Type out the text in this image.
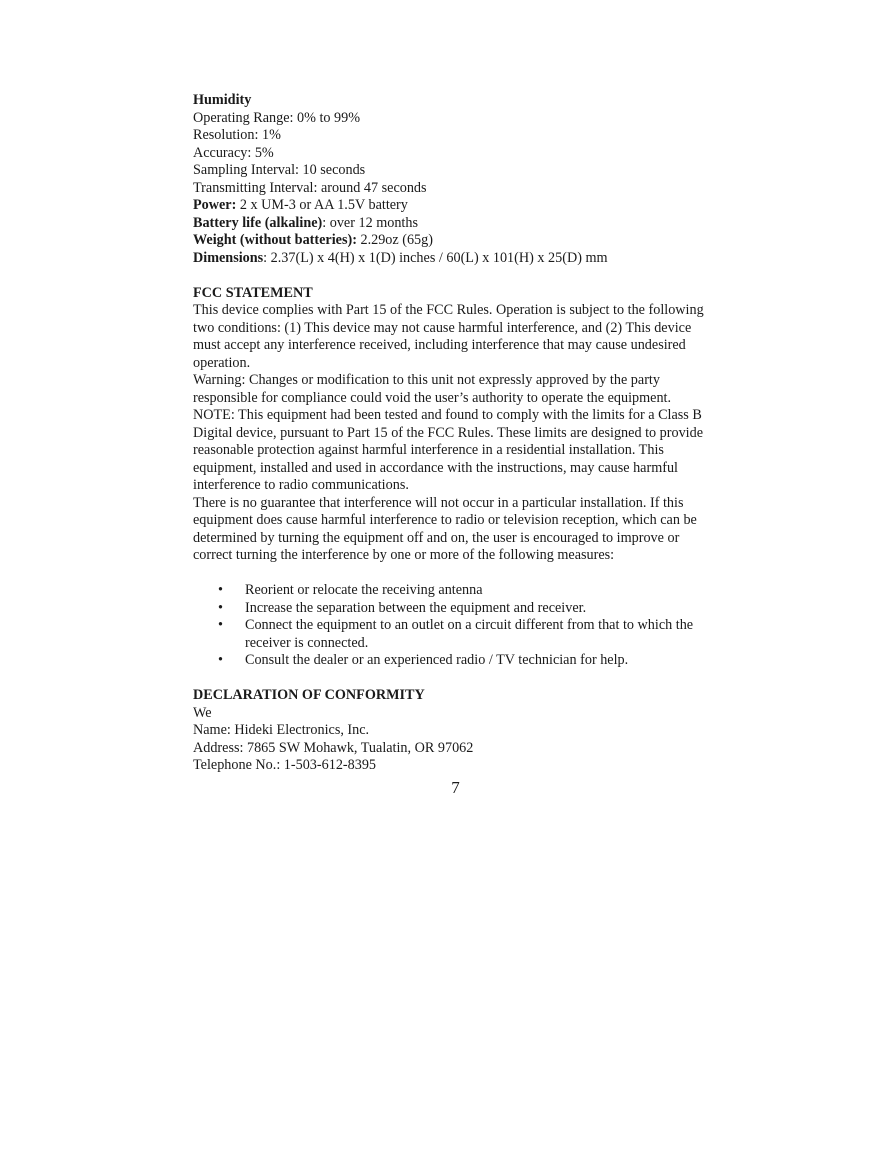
Humidity
Operating Range: 0% to 99%
Resolution: 1%
Accuracy: 5%
Sampling Interval: 10 seconds
Transmitting Interval: around 47 seconds
Power: 2 x UM-3 or AA 1.5V battery
Battery life (alkaline): over 12 months
Weight (without batteries): 2.29oz (65g)
Dimensions: 2.37(L) x 4(H) x 1(D) inches / 60(L) x 101(H) x 25(D) mm
FCC STATEMENT
This device complies with Part 15 of the FCC Rules. Operation is subject to the following
two conditions: (1) This device may not cause harmful interference, and (2) This device
must accept any interference received, including interference that may cause undesired
operation.
Warning: Changes or modification to this unit not expressly approved by the party
responsible for compliance could void the user’s authority to operate the equipment.
NOTE: This equipment had been tested and found to comply with the limits for a Class B
Digital device, pursuant to Part 15 of the FCC Rules. These limits are designed to provide
reasonable protection against harmful interference in a residential installation. This
equipment, installed and used in accordance with the instructions, may cause harmful
interference to radio communications.
There is no guarantee that interference will not occur in a particular installation. If this
equipment does cause harmful interference to radio or television reception, which can be
determined by turning the equipment off and on, the user is encouraged to improve or
correct turning the interference by one or more of the following measures:
• Reorient or relocate the receiving antenna
• Increase the separation between the equipment and receiver.
• Connect the equipment to an outlet on a circuit different from that to which the
receiver is connected.
• Consult the dealer or an experienced radio / TV technician for help.
DECLARATION OF CONFORMITY
We
Name: Hideki Electronics, Inc.
Address: 7865 SW Mohawk, Tualatin, OR 97062
Telephone No.: 1-503-612-8395
7
